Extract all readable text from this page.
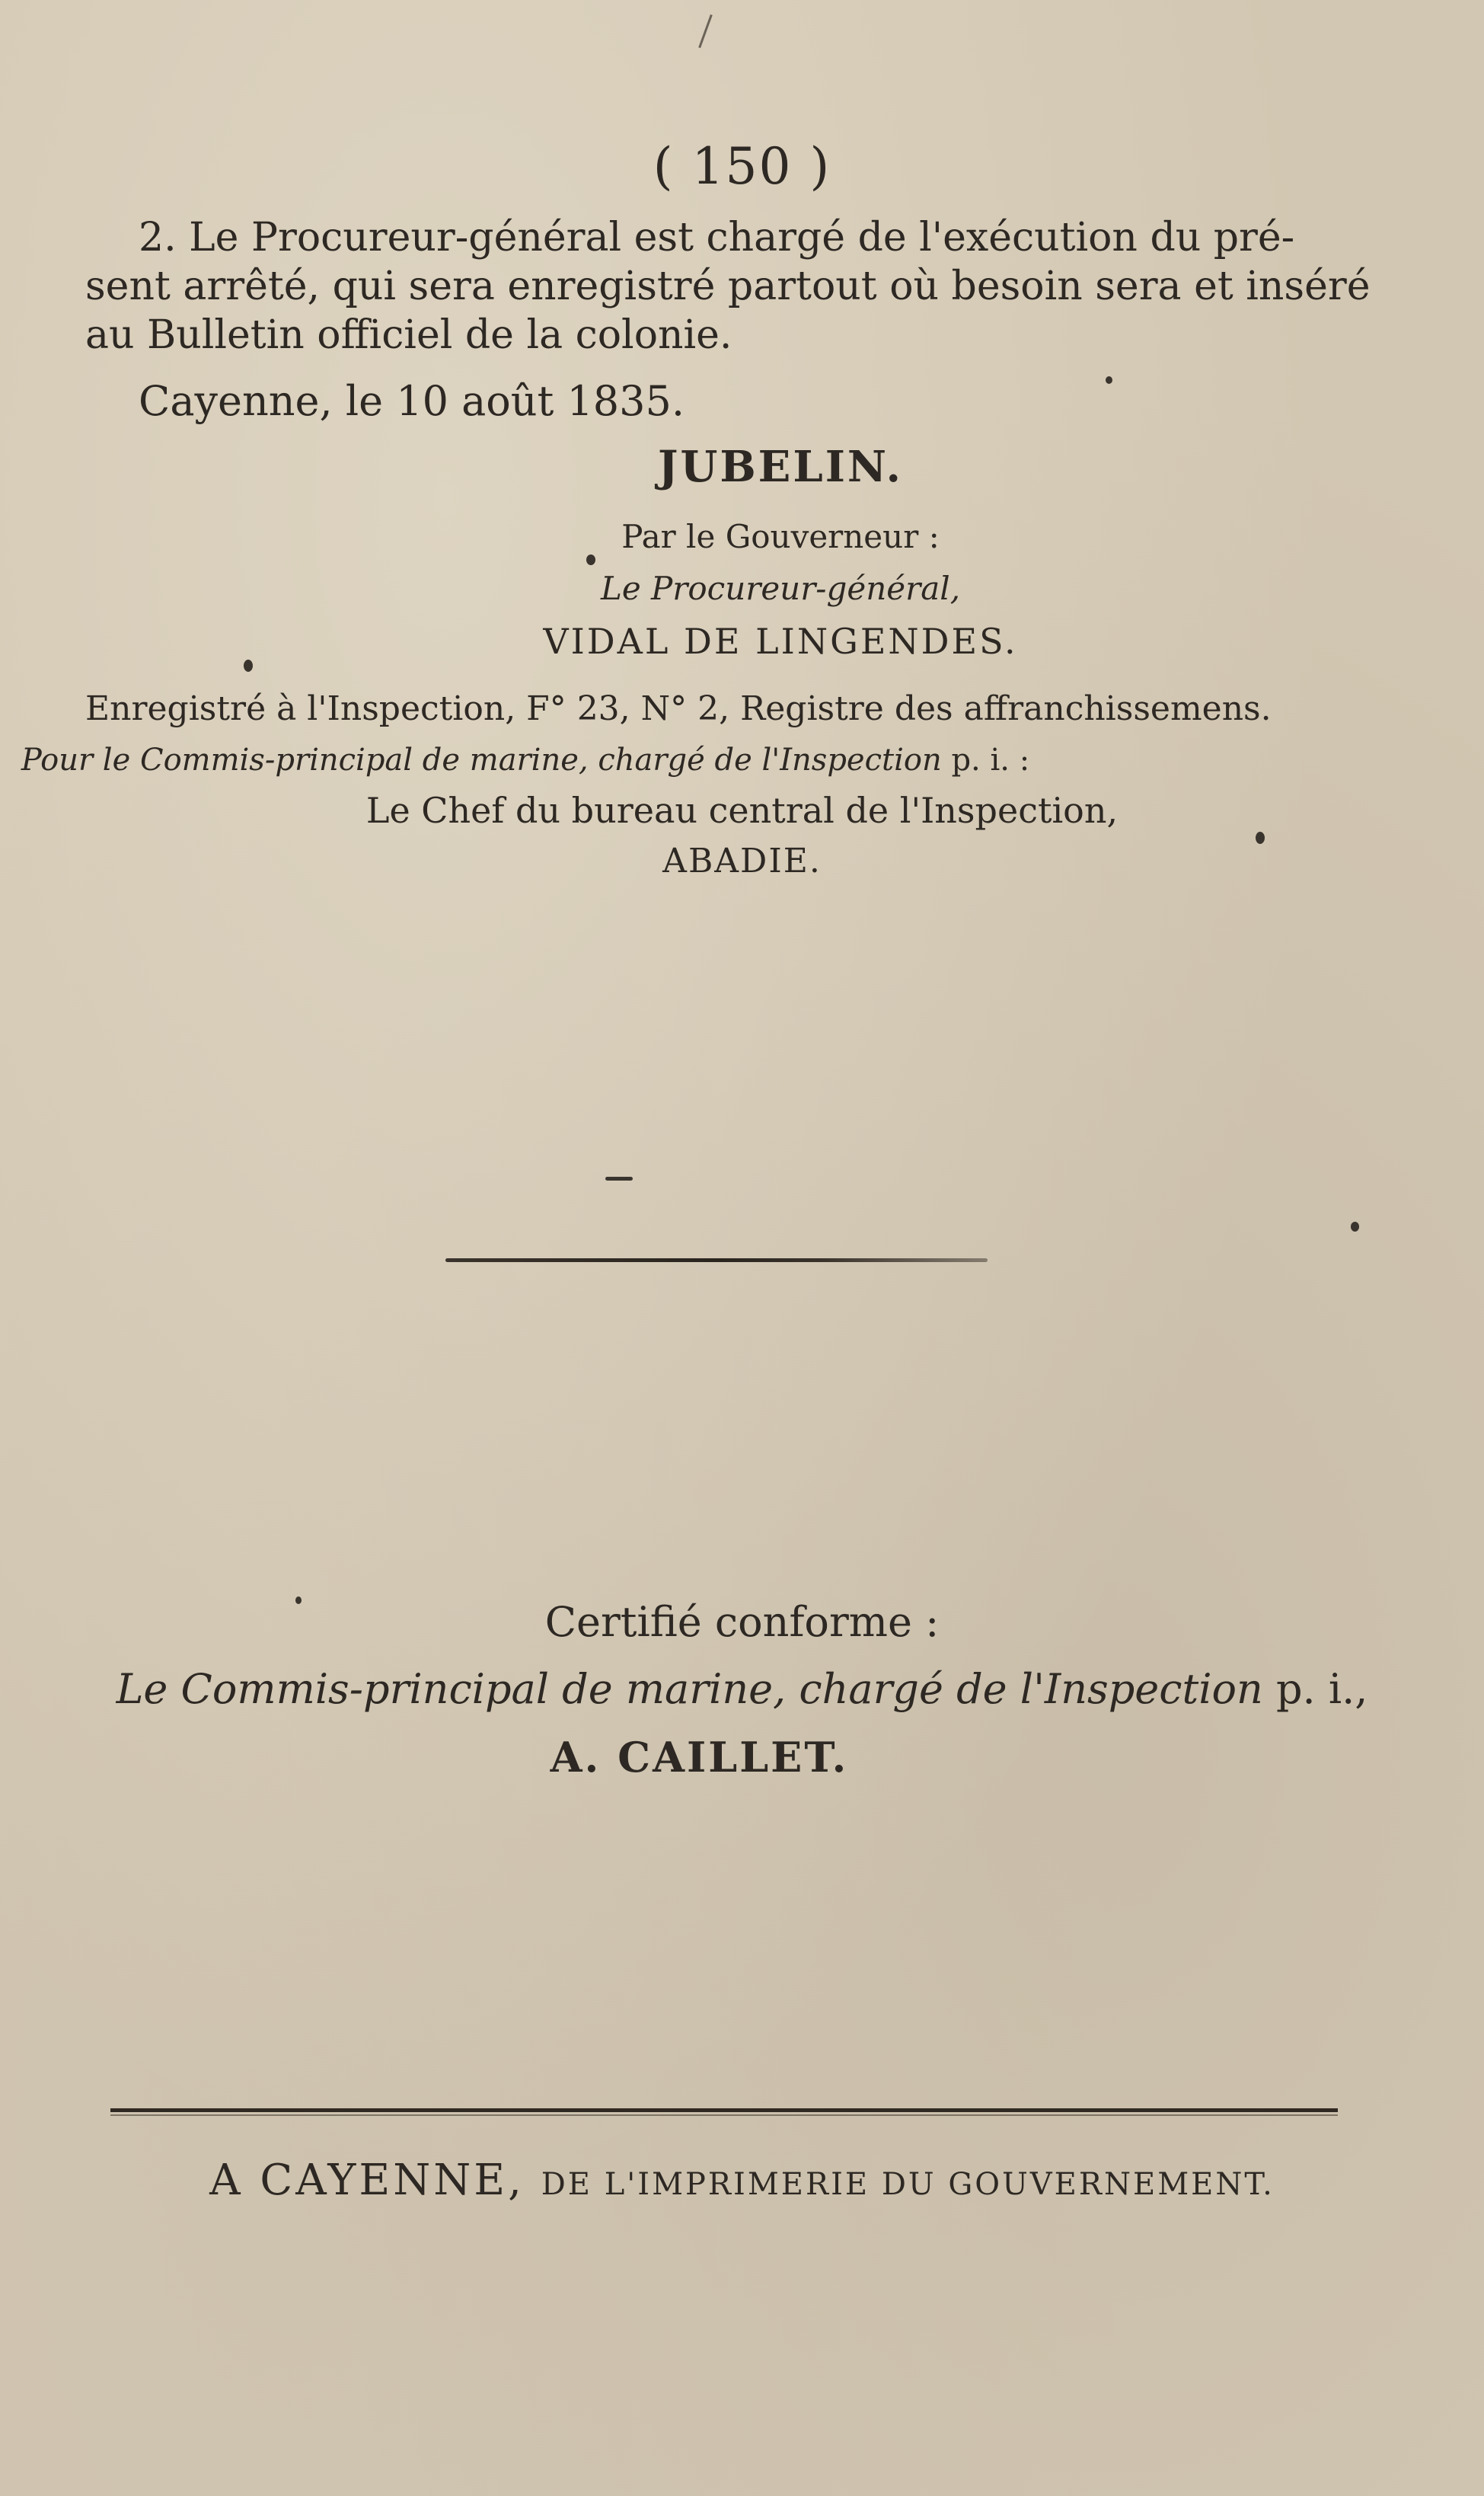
( 150 )
2. Le Procureur-général est chargé de l'exécution du pré-
sent arrêté, qui sera enregistré partout où besoin sera et inséré
au Bulletin officiel de la colonie.
Cayenne, le 10 août 1835.
JUBELIN.
Par le Gouverneur :
Le Procureur-général,
VIDAL DE LINGENDES.
Enregistré à l'Inspection, F° 23, N° 2, Registre des affranchissemens.
Pour le Commis-principal de marine, chargé de l'Inspection p. i. :
Le Chef du bureau central de l'Inspection,
ABADIE.
Certifié conforme :
Le Commis-principal de marine, chargé de l'Inspection p. i.,
A. CAILLET.
A CAYENNE, DE L'IMPRIMERIE DU GOUVERNEMENT.
